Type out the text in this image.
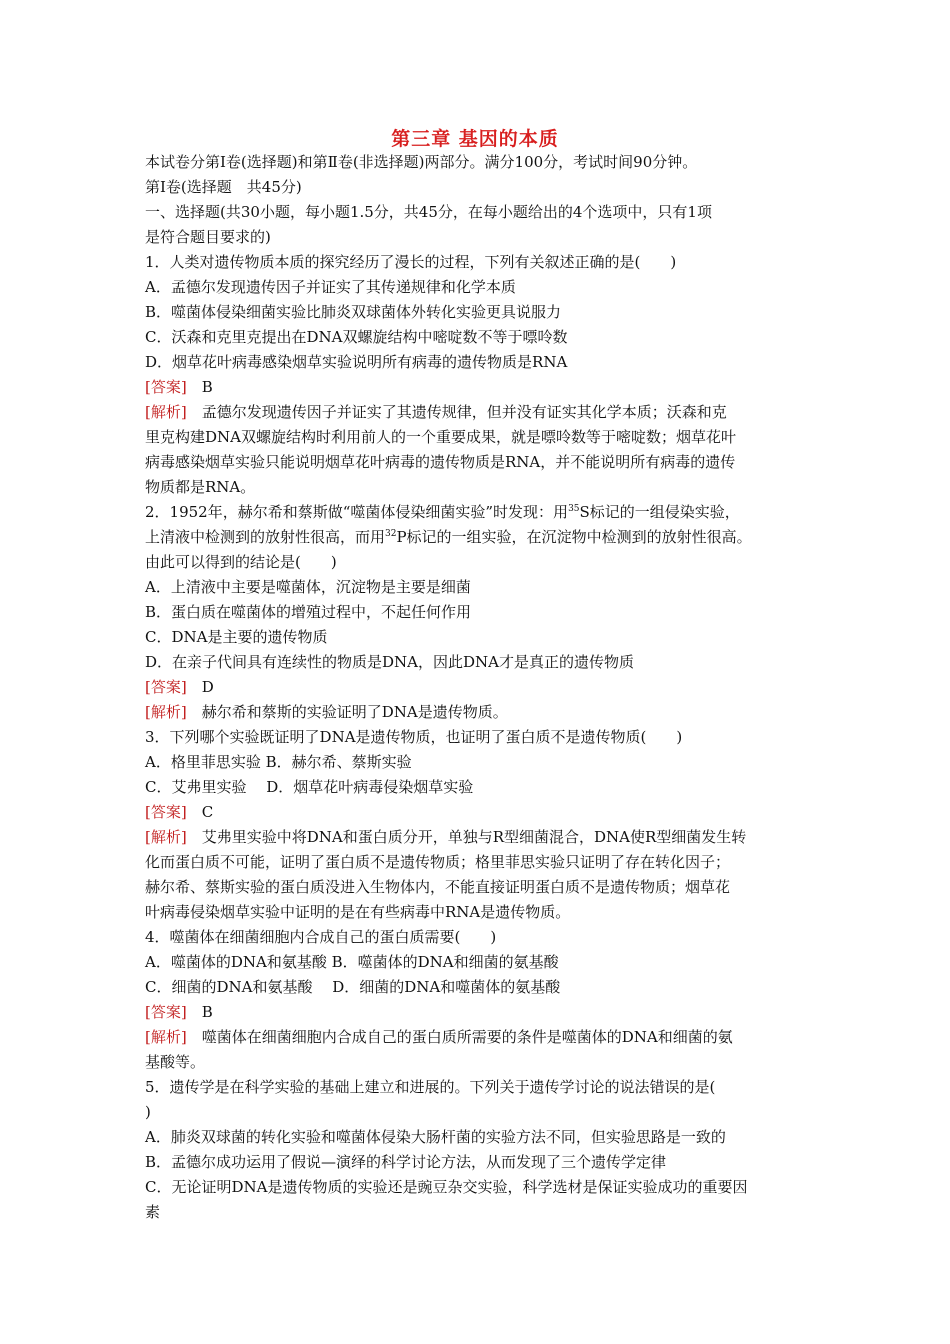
第三章 基因的本质
本试卷分第Ⅰ卷(选择题)和第Ⅱ卷(非选择题)两部分。满分100分，考试时间90分钟。
第Ⅰ卷(选择题　共45分)
一、选择题(共30小题，每小题1.5分，共45分，在每小题给出的4个选项中，只有1项
是符合题目要求的)
1．人类对遗传物质本质的探究经历了漫长的过程，下列有关叙述正确的是(　　)
A．孟德尔发现遗传因子并证实了其传递规律和化学本质
B．噬菌体侵染细菌实验比肺炎双球菌体外转化实验更具说服力
C．沃森和克里克提出在DNA双螺旋结构中嘧啶数不等于嘌呤数
D．烟草花叶病毒感染烟草实验说明所有病毒的遗传物质是RNA
[答案]　 B
[解析]　孟德尔发现遗传因子并证实了其遗传规律，但并没有证实其化学本质；沃森和克
里克构建DNA双螺旋结构时利用前人的一个重要成果，就是嘌呤数等于嘧啶数；烟草花叶
病毒感染烟草实验只能说明烟草花叶病毒的遗传物质是RNA，并不能说明所有病毒的遗传
物质都是RNA。
2．1952年，赫尔希和蔡斯做“噬菌体侵染细菌实验”时发现：用$^{35}$S标记的一组侵染实验，
上清液中检测到的放射性很高，而用$^{32}$P标记的一组实验，在沉淀物中检测到的放射性很高。
由此可以得到的结论是(　　)
A．上清液中主要是噬菌体，沉淀物是主要是细菌
B．蛋白质在噬菌体的增殖过程中，不起任何作用
C．DNA是主要的遗传物质
D．在亲子代间具有连续性的物质是DNA，因此DNA才是真正的遗传物质
[答案]　 D
[解析]　赫尔希和蔡斯的实验证明了DNA是遗传物质。
3．下列哪个实验既证明了DNA是遗传物质，也证明了蛋白质不是遗传物质(　　)
A．格里菲思实验 B．赫尔希、蔡斯实验
C．艾弗里实验　 D．烟草花叶病毒侵染烟草实验
[答案]　 C
[解析]　艾弗里实验中将DNA和蛋白质分开，单独与R型细菌混合，DNA使R型细菌发生转
化而蛋白质不可能，证明了蛋白质不是遗传物质；格里菲思实验只证明了存在转化因子；
赫尔希、蔡斯实验的蛋白质没进入生物体内，不能直接证明蛋白质不是遗传物质；烟草花
叶病毒侵染烟草实验中证明的是在有些病毒中RNA是遗传物质。
4．噬菌体在细菌细胞内合成自己的蛋白质需要(　　)
A．噬菌体的DNA和氨基酸 B．噬菌体的DNA和细菌的氨基酸
C．细菌的DNA和氨基酸　 D．细菌的DNA和噬菌体的氨基酸
[答案]　 B
[解析]　噬菌体在细菌细胞内合成自己的蛋白质所需要的条件是噬菌体的DNA和细菌的氨
基酸等。
5．遗传学是在科学实验的基础上建立和进展的。下列关于遗传学讨论的说法错误的是(
)
A．肺炎双球菌的转化实验和噬菌体侵染大肠杆菌的实验方法不同，但实验思路是一致的
B．孟德尔成功运用了假说—演绎的科学讨论方法，从而发现了三个遗传学定律
C．无论证明DNA是遗传物质的实验还是豌豆杂交实验，科学选材是保证实验成功的重要因
素
